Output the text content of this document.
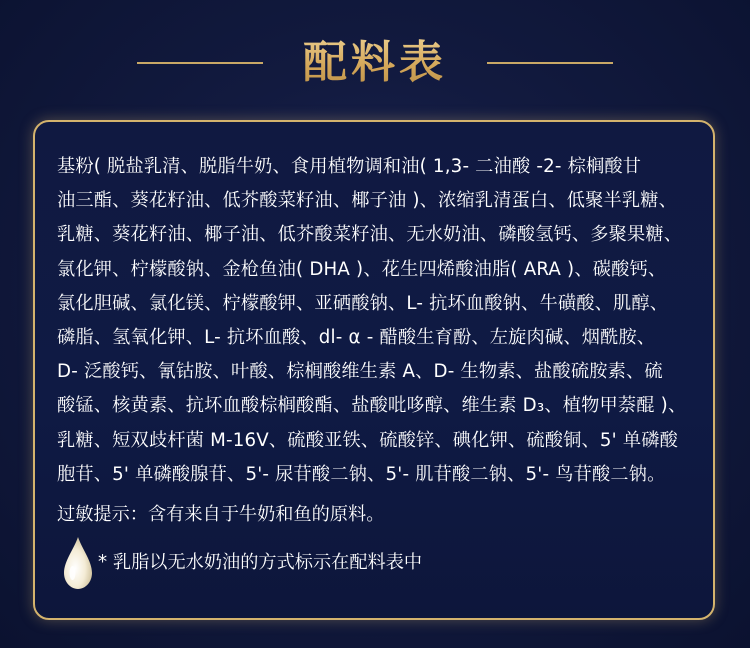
配料表
基粉( 脱盐乳清、脱脂牛奶、食用植物调和油( 1,3- 二油酸 -2- 棕榈酸甘
油三酯、葵花籽油、低芥酸菜籽油、椰子油 )、浓缩乳清蛋白、低聚半乳糖、
乳糖、葵花籽油、椰子油、低芥酸菜籽油、无水奶油、磷酸氢钙、多聚果糖、
氯化钾、柠檬酸钠、金枪鱼油( DHA )、花生四烯酸油脂( ARA )、碳酸钙、
氯化胆碱、氯化镁、柠檬酸钾、亚硒酸钠、L- 抗坏血酸钠、牛磺酸、肌醇、
磷脂、氢氧化钾、L- 抗坏血酸、dl- α - 醋酸生育酚、左旋肉碱、烟酰胺、
D- 泛酸钙、氰钴胺、叶酸、棕榈酸维生素 A、D- 生物素、盐酸硫胺素、硫
酸锰、核黄素、抗坏血酸棕榈酸酯、盐酸吡哆醇、维生素 D₃、植物甲萘醌 )、
乳糖、短双歧杆菌 M-16V、硫酸亚铁、硫酸锌、碘化钾、硫酸铜、5' 单磷酸
胞苷、5' 单磷酸腺苷、5'- 尿苷酸二钠、5'- 肌苷酸二钠、5'- 鸟苷酸二钠。
过敏提示：含有来自于牛奶和鱼的原料。
* 乳脂以无水奶油的方式标示在配料表中
